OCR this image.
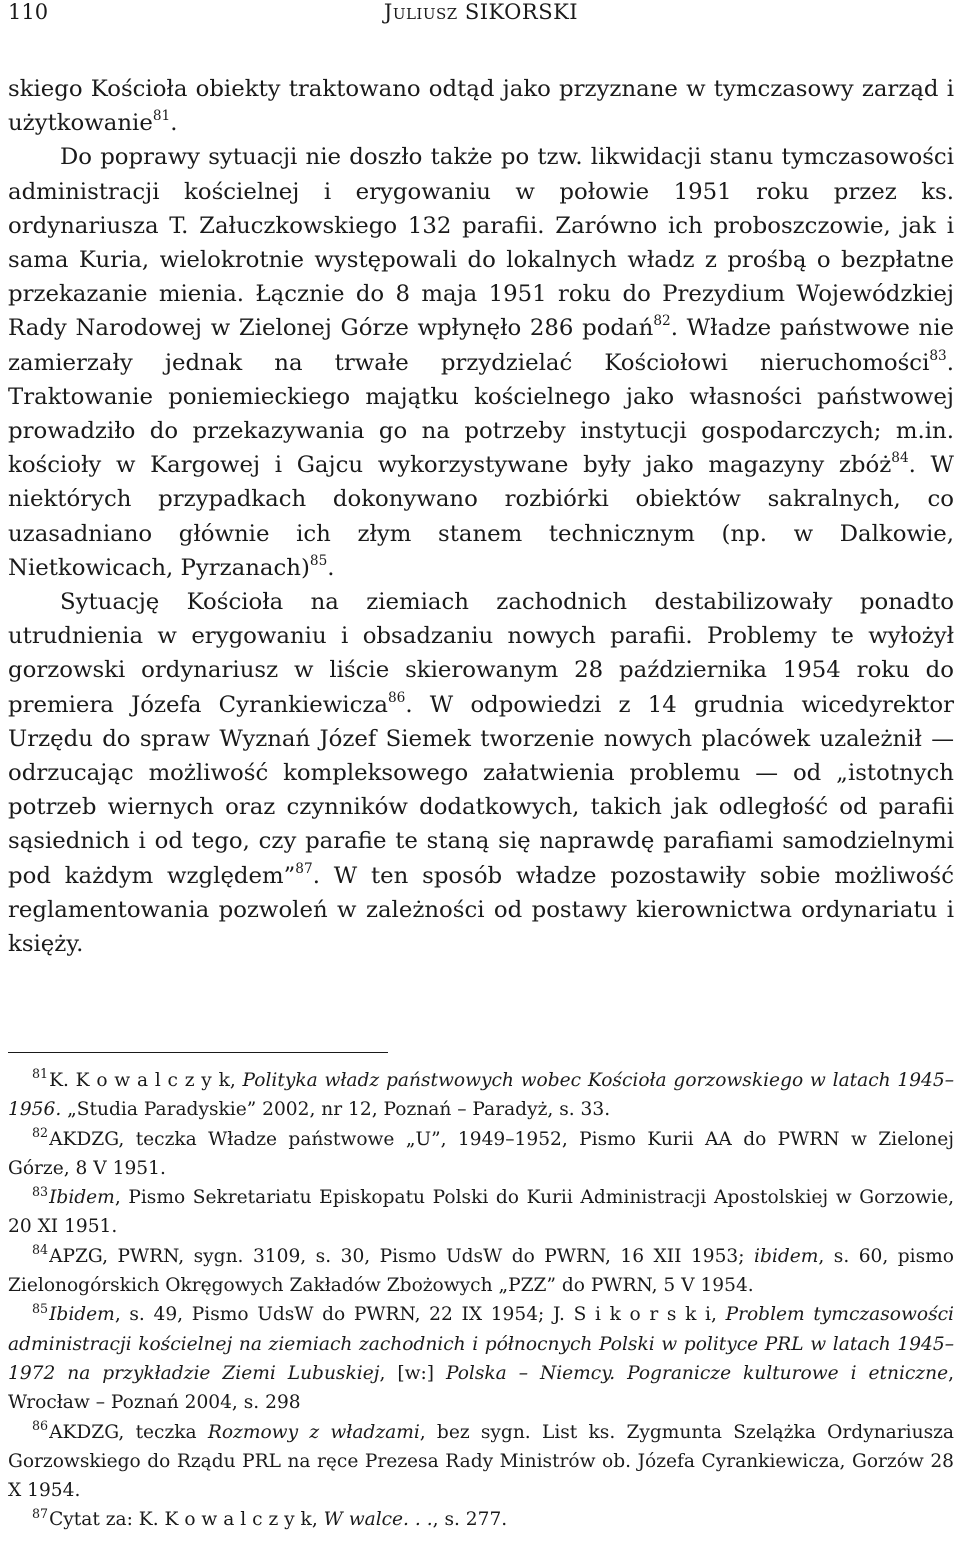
110	Juliusz SIKORSKI

skiego Kościoła obiekty traktowano odtąd jako przyznane w tymczasowy zarząd i użytkowanie$^{81}$.

Do poprawy sytuacji nie doszło także po tzw. likwidacji stanu tymczasowości administracji kościelnej i erygowaniu w połowie 1951 roku przez ks. ordynariusza T. Załuczkowskiego 132 parafii. Zarówno ich proboszczowie, jak i sama Kuria, wielokrotnie występowali do lokalnych władz z prośbą o bezpłatne przekazanie mienia. Łącznie do 8 maja 1951 roku do Prezydium Wojewódzkiej Rady Narodowej w Zielonej Górze wpłynęło 286 podań$^{82}$. Władze państwowe nie zamierzały jednak na trwałe przydzielać Kościołowi nieruchomości$^{83}$. Traktowanie poniemieckiego majątku kościelnego jako własności państwowej prowadziło do przekazywania go na potrzeby instytucji gospodarczych; m.in. kościoły w Kargowej i Gajcu wykorzystywane były jako magazyny zbóż$^{84}$. W niektórych przypadkach dokonywano rozbiórki obiektów sakralnych, co uzasadniano głównie ich złym stanem technicznym (np. w Dalkowie, Nietkowicach, Pyrzanach)$^{85}$.

Sytuację Kościoła na ziemiach zachodnich destabilizowały ponadto utrudnienia w erygowaniu i obsadzaniu nowych parafii. Problemy te wyłożył gorzowski ordynariusz w liście skierowanym 28 października 1954 roku do premiera Józefa Cyrankiewicza$^{86}$. W odpowiedzi z 14 grudnia wicedyrektor Urzędu do spraw Wyznań Józef Siemek tworzenie nowych placówek uzależnił — odrzucając możliwość kompleksowego załatwienia problemu — od „istotnych potrzeb wiernych oraz czynników dodatkowych, takich jak odległość od parafii sąsiednich i od tego, czy parafie te staną się naprawdę parafiami samodzielnymi pod każdym względem”$^{87}$. W ten sposób władze pozostawiły sobie możliwość reglamentowania pozwoleń w zależności od postawy kierownictwa ordynariatu i księży.

$^{81}$K. K o w a l c z y k, Polityka władz państwowych wobec Kościoła gorzowskiego w latach 1945–1956. „Studia Paradyskie” 2002, nr 12, Poznań – Paradyż, s. 33.

$^{82}$AKDZG, teczka Władze państwowe „U”, 1949–1952, Pismo Kurii AA do PWRN w Zielonej Górze, 8 V 1951.

$^{83}$Ibidem, Pismo Sekretariatu Episkopatu Polski do Kurii Administracji Apostolskiej w Gorzowie, 20 XI 1951.

$^{84}$APZG, PWRN, sygn. 3109, s. 30, Pismo UdsW do PWRN, 16 XII 1953; ibidem, s. 60, pismo Zielonogórskich Okręgowych Zakładów Zbożowych „PZZ” do PWRN, 5 V 1954.

$^{85}$Ibidem, s. 49, Pismo UdsW do PWRN, 22 IX 1954; J. S i k o r s k i, Problem tymczasowości administracji kościelnej na ziemiach zachodnich i północnych Polski w polityce PRL w latach 1945–1972 na przykładzie Ziemi Lubuskiej, [w:] Polska – Niemcy. Pogranicze kulturowe i etniczne, Wrocław – Poznań 2004, s. 298

$^{86}$AKDZG, teczka Rozmowy z władzami, bez sygn. List ks. Zygmunta Szelążka Ordynariusza Gorzowskiego do Rządu PRL na ręce Prezesa Rady Ministrów ob. Józefa Cyrankiewicza, Gorzów 28 X 1954.

$^{87}$Cytat za: K. K o w a l c z y k, W walce. . ., s. 277.
